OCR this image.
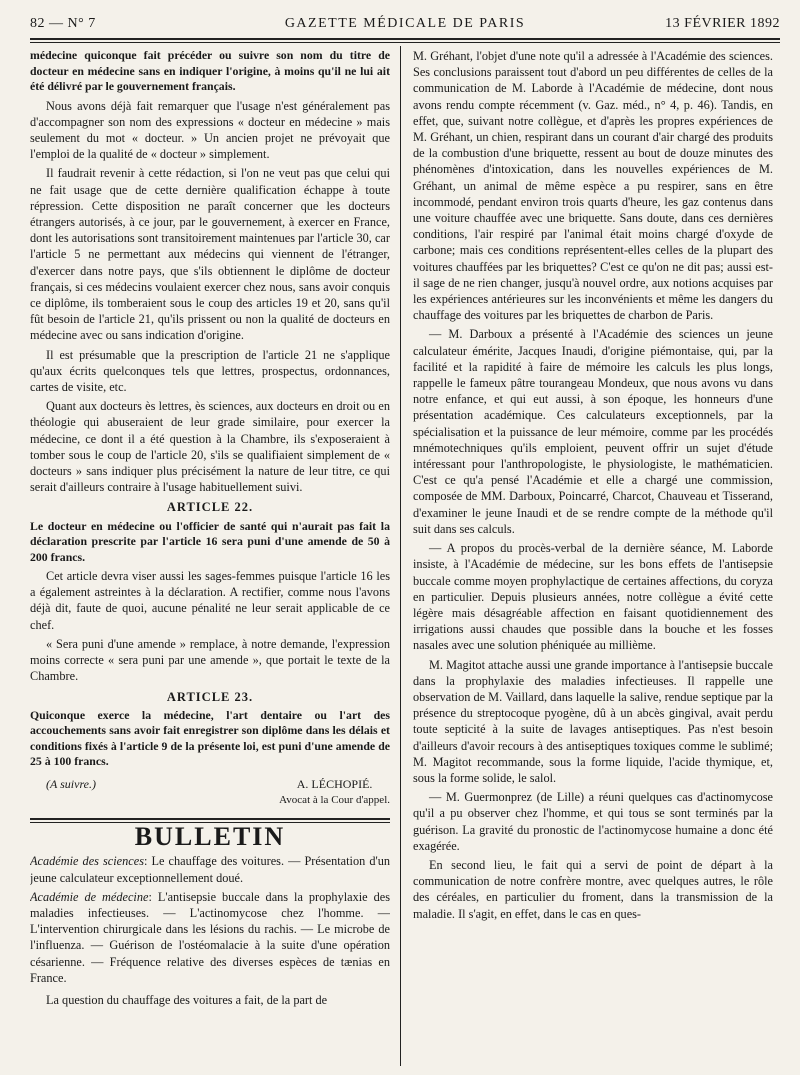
82 — N° 7	GAZETTE MÉDICALE DE PARIS	13 FÉVRIER 1892

médecine quiconque fait précéder ou suivre son nom du titre de docteur en médecine sans en indiquer l'origine, à moins qu'il ne lui ait été délivré par le gouvernement français.

Nous avons déjà fait remarquer que l'usage n'est généralement pas d'accompagner son nom des expressions « docteur en médecine » mais seulement du mot « docteur. » Un ancien projet ne prévoyait que l'emploi de la qualité de « docteur » simplement.

Il faudrait revenir à cette rédaction, si l'on ne veut pas que celui qui ne fait usage que de cette dernière qualification échappe à toute répression. Cette disposition ne paraît concerner que les docteurs étrangers autorisés, à ce jour, par le gouvernement, à exercer en France, dont les autorisations sont transitoirement maintenues par l'article 30, car l'article 5 ne permettant aux médecins qui viennent de l'étranger, d'exercer dans notre pays, que s'ils obtiennent le diplôme de docteur français, si ces médecins voulaient exercer chez nous, sans avoir conquis ce diplôme, ils tomberaient sous le coup des articles 19 et 20, sans qu'il fût besoin de l'article 21, qu'ils prissent ou non la qualité de docteurs en médecine avec ou sans indication d'origine.

Il est présumable que la prescription de l'article 21 ne s'applique qu'aux écrits quelconques tels que lettres, prospectus, ordonnances, cartes de visite, etc.

Quant aux docteurs ès lettres, ès sciences, aux docteurs en droit ou en théologie qui abuseraient de leur grade similaire, pour exercer la médecine, ce dont il a été question à la Chambre, ils s'exposeraient à tomber sous le coup de l'article 20, s'ils se qualifiaient simplement de « docteurs » sans indiquer plus précisément la nature de leur titre, ce qui serait d'ailleurs contraire à l'usage habituellement suivi.

ARTICLE 22.

Le docteur en médecine ou l'officier de santé qui n'aurait pas fait la déclaration prescrite par l'article 16 sera puni d'une amende de 50 à 200 francs.

Cet article devra viser aussi les sages-femmes puisque l'article 16 les a également astreintes à la déclaration. A rectifier, comme nous l'avons déjà dit, faute de quoi, aucune pénalité ne leur serait applicable de ce chef.

« Sera puni d'une amende » remplace, à notre demande, l'expression moins correcte « sera puni par une amende », que portait le texte de la Chambre.

ARTICLE 23.

Quiconque exerce la médecine, l'art dentaire ou l'art des accouchements sans avoir fait enregistrer son diplôme dans les délais et conditions fixés à l'article 9 de la présente loi, est puni d'une amende de 25 à 100 francs.

(A suivre.)	A. LÉCHOPIÉ.
Avocat à la Cour d'appel.
BULLETIN

Académie des sciences: Le chauffage des voitures. — Présentation d'un jeune calculateur exceptionnellement doué.

Académie de médecine: L'antisepsie buccale dans la prophylaxie des maladies infectieuses. — L'actinomycose chez l'homme. — L'intervention chirurgicale dans les lésions du rachis. — Le microbe de l'influenza. — Guérison de l'ostéomalacie à la suite d'une opération césarienne. — Fréquence relative des diverses espèces de tænias en France.

La question du chauffage des voitures a fait, de la part de

M. Gréhant, l'objet d'une note qu'il a adressée à l'Académie des sciences. Ses conclusions paraissent tout d'abord un peu différentes de celles de la communication de M. Laborde à l'Académie de médecine, dont nous avons rendu compte récemment (v. Gaz. méd., n° 4, p. 46). Tandis, en effet, que, suivant notre collègue, et d'après les propres expériences de M. Gréhant, un chien, respirant dans un courant d'air chargé des produits de la combustion d'une briquette, ressent au bout de douze minutes des phénomènes d'intoxication, dans les nouvelles expériences de M. Gréhant, un animal de même espèce a pu respirer, sans en être incommodé, pendant environ trois quarts d'heure, les gaz contenus dans une voiture chauffée avec une briquette. Sans doute, dans ces dernières conditions, l'air respiré par l'animal était moins chargé d'oxyde de carbone; mais ces conditions représentent-elles celles de la plupart des voitures chauffées par les briquettes? C'est ce qu'on ne dit pas; aussi est-il sage de ne rien changer, jusqu'à nouvel ordre, aux notions acquises par les expériences antérieures sur les inconvénients et même les dangers du chauffage des voitures par les briquettes de charbon de Paris.

— M. Darboux a présenté à l'Académie des sciences un jeune calculateur émérite, Jacques Inaudi, d'origine piémontaise, qui, par la facilité et la rapidité à faire de mémoire les calculs les plus longs, rappelle le fameux pâtre tourangeau Mondeux, que nous avons vu dans notre enfance, et qui eut aussi, à son époque, les honneurs d'une présentation académique. Ces calculateurs exceptionnels, par la spécialisation et la puissance de leur mémoire, comme par les procédés mnémotechniques qu'ils emploient, peuvent offrir un sujet d'étude intéressant pour l'anthropologiste, le physiologiste, le mathématicien. C'est ce qu'a pensé l'Académie et elle a chargé une commission, composée de MM. Darboux, Poincarré, Charcot, Chauveau et Tisserand, d'examiner le jeune Inaudi et de se rendre compte de la méthode qu'il suit dans ses calculs.

— A propos du procès-verbal de la dernière séance, M. Laborde insiste, à l'Académie de médecine, sur les bons effets de l'antisepsie buccale comme moyen prophylactique de certaines affections, du coryza en particulier. Depuis plusieurs années, notre collègue a évité cette légère mais désagréable affection en faisant quotidiennement des irrigations aussi chaudes que possible dans la bouche et les fosses nasales avec une solution phéniquée au millième.

M. Magitot attache aussi une grande importance à l'antisepsie buccale dans la prophylaxie des maladies infectieuses. Il rappelle une observation de M. Vaillard, dans laquelle la salive, rendue septique par la présence du streptocoque pyogène, dû à un abcès gingival, avait perdu toute septicité à la suite de lavages antiseptiques. Pas n'est besoin d'ailleurs d'avoir recours à des antiseptiques toxiques comme le sublimé; M. Magitot recommande, sous la forme liquide, l'acide thymique, et, sous la forme solide, le salol.

— M. Guermonprez (de Lille) a réuni quelques cas d'actinomycose qu'il a pu observer chez l'homme, et qui tous se sont terminés par la guérison. La gravité du pronostic de l'actinomycose humaine a donc été exagérée.

En second lieu, le fait qui a servi de point de départ à la communication de notre confrère montre, avec quelques autres, le rôle des céréales, en particulier du froment, dans la transmission de la maladie. Il s'agit, en effet, dans le cas en ques-
